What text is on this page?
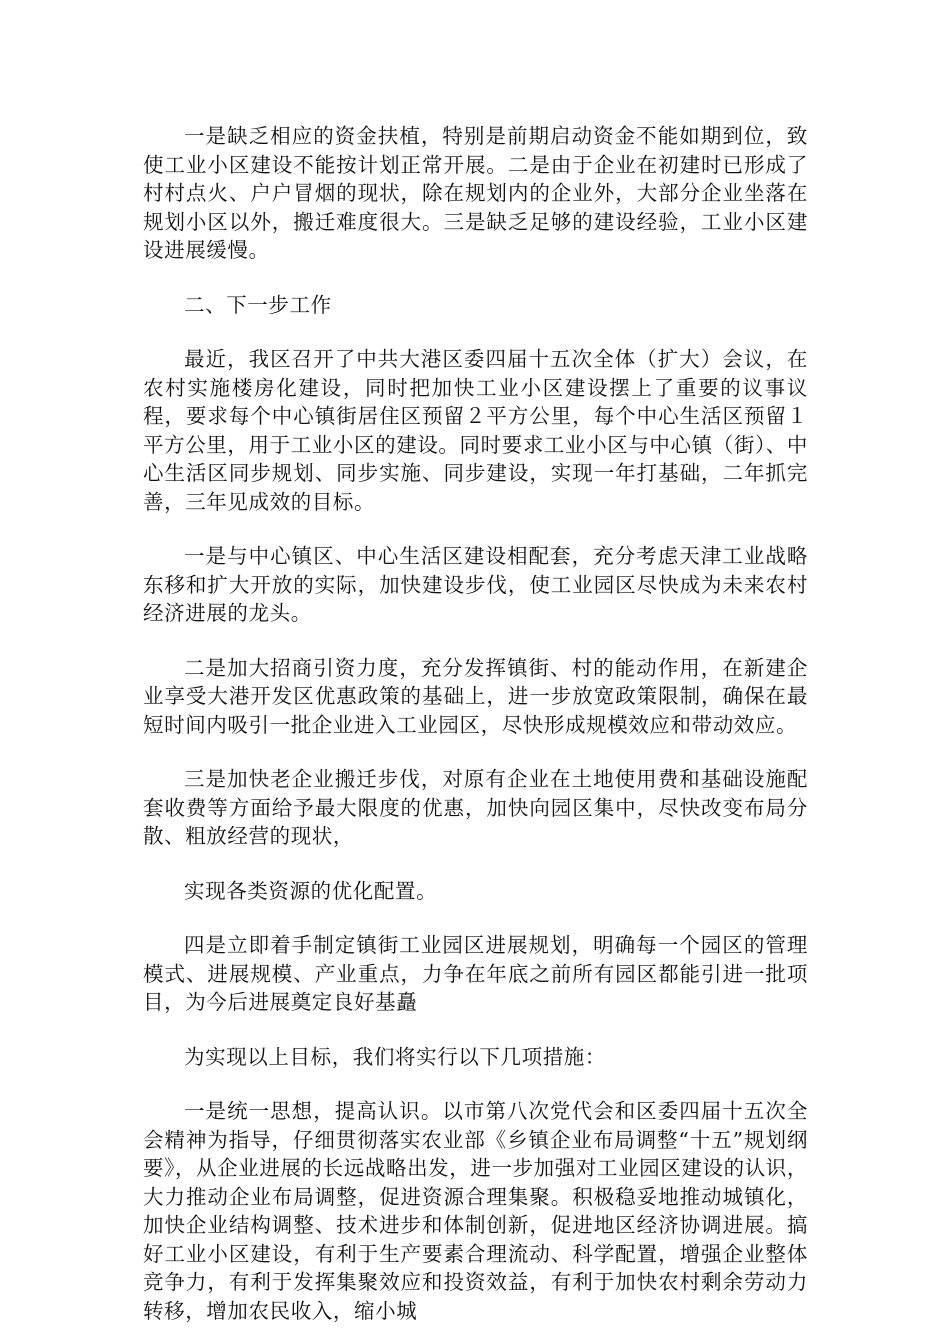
一是缺乏相应的资金扶植，特别是前期启动资金不能如期到位，致使工业小区建设不能按计划正常开展。二是由于企业在初建时已形成了村村点火、户户冒烟的现状，除在规划内的企业外，大部分企业坐落在规划小区以外，搬迁难度很大。三是缺乏足够的建设经验，工业小区建设进展缓慢。

二、下一步工作

最近，我区召开了中共大港区委四届十五次全体（扩大）会议，在农村实施楼房化建设，同时把加快工业小区建设摆上了重要的议事议程，要求每个中心镇街居住区预留２平方公里，每个中心生活区预留１平方公里，用于工业小区的建设。同时要求工业小区与中心镇（街）、中心生活区同步规划、同步实施、同步建设，实现一年打基础，二年抓完善，三年见成效的目标。

一是与中心镇区、中心生活区建设相配套，充分考虑天津工业战略东移和扩大开放的实际，加快建设步伐，使工业园区尽快成为未来农村经济进展的龙头。

二是加大招商引资力度，充分发挥镇街、村的能动作用，在新建企业享受大港开发区优惠政策的基础上，进一步放宽政策限制，确保在最短时间内吸引一批企业进入工业园区，尽快形成规模效应和带动效应。

三是加快老企业搬迁步伐，对原有企业在土地使用费和基础设施配套收费等方面给予最大限度的优惠，加快向园区集中，尽快改变布局分散、粗放经营的现状，

实现各类资源的优化配置。

四是立即着手制定镇街工业园区进展规划，明确每一个园区的管理模式、进展规模、产业重点，力争在年底之前所有园区都能引进一批项目，为今后进展奠定良好基矗

为实现以上目标，我们将实行以下几项措施：

一是统一思想，提高认识。以市第八次党代会和区委四届十五次全会精神为指导，仔细贯彻落实农业部《乡镇企业布局调整“十五”规划纲要》，从企业进展的长远战略出发，进一步加强对工业园区建设的认识，大力推动企业布局调整，促进资源合理集聚。积极稳妥地推动城镇化，加快企业结构调整、技术进步和体制创新，促进地区经济协调进展。搞好工业小区建设，有利于生产要素合理流动、科学配置，增强企业整体竞争力，有利于发挥集聚效应和投资效益，有利于加快农村剩余劳动力转移，增加农民收入，缩小城
